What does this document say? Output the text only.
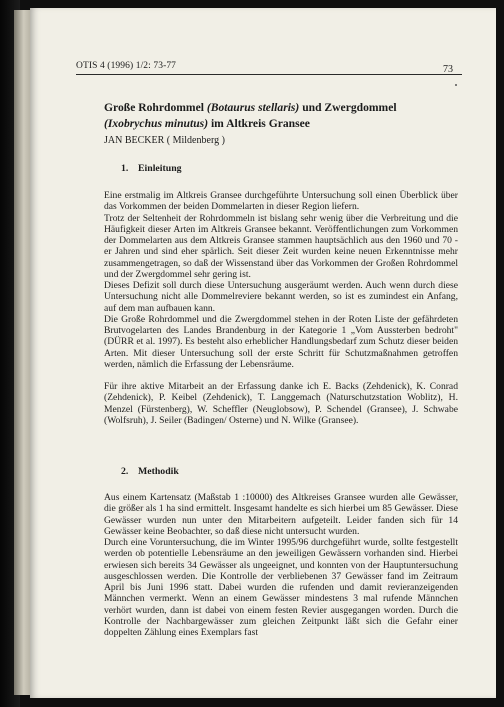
OTIS 4 (1996) 1/2: 73-77	73
Große Rohrdommel (Botaurus stellaris) und Zwergdommel (Ixobrychus minutus) im Altkreis Gransee
JAN BECKER ( Mildenberg )
1. Einleitung

Eine erstmalig im Altkreis Gransee durchgeführte Untersuchung soll einen Überblick über das Vorkommen der beiden Dommelarten in dieser Region liefern.

Trotz der Seltenheit der Rohrdommeln ist bislang sehr wenig über die Verbreitung und die Häufigkeit dieser Arten im Altkreis Gransee bekannt. Veröffentlichungen zum Vorkommen der Dommelarten aus dem Altkreis Gransee stammen hauptsächlich aus den 1960 und 70 -er Jahren und sind eher spärlich. Seit dieser Zeit wurden keine neuen Erkenntnisse mehr zusammengetragen, so daß der Wissenstand über das Vorkommen der Großen Rohrdommel und der Zwergdommel sehr gering ist.

Dieses Defizit soll durch diese Untersuchung ausgeräumt werden. Auch wenn durch diese Untersuchung nicht alle Dommelreviere bekannt werden, so ist es zumindest ein Anfang, auf dem man aufbauen kann.

Die Große Rohrdommel und die Zwergdommel stehen in der Roten Liste der gefährdeten Brutvogelarten des Landes Brandenburg in der Kategorie 1 „Vom Aussterben bedroht" (DÜRR et al. 1997). Es besteht also erheblicher Handlungsbedarf zum Schutz dieser beiden Arten. Mit dieser Untersuchung soll der erste Schritt für Schutzmaßnahmen getroffen werden, nämlich die Erfassung der Lebensräume.

Für ihre aktive Mitarbeit an der Erfassung danke ich E. Backs (Zehdenick), K. Conrad (Zehdenick), P. Keibel (Zehdenick), T. Langgemach (Naturschutzstation Woblitz), H. Menzel (Fürstenberg), W. Scheffler (Neuglobsow), P. Schendel (Gransee), J. Schwabe (Wolfsruh), J. Seiler (Badingen/ Osterne) und N. Wilke (Gransee).

2. Methodik

Aus einem Kartensatz (Maßstab 1 :10000) des Altkreises Gransee wurden alle Gewässer, die größer als 1 ha sind ermittelt. Insgesamt handelte es sich hierbei um 85 Gewässer. Diese Gewässer wurden nun unter den Mitarbeitern aufgeteilt. Leider fanden sich für 14 Gewässer keine Beobachter, so daß diese nicht untersucht wurden.

Durch eine Voruntersuchung, die im Winter 1995/96 durchgeführt wurde, sollte festgestellt werden ob potentielle Lebensräume an den jeweiligen Gewässern vorhanden sind. Hierbei erwiesen sich bereits 34 Gewässer als ungeeignet, und konnten von der Hauptuntersuchung ausgeschlossen werden. Die Kontrolle der verbliebenen 37 Gewässer fand im Zeitraum April bis Juni 1996 statt. Dabei wurden die rufenden und damit revieranzeigenden Männchen vermerkt. Wenn an einem Gewässer mindestens 3 mal rufende Männchen verhört wurden, dann ist dabei von einem festen Revier ausgegangen worden. Durch die Kontrolle der Nachbargewässer zum gleichen Zeitpunkt läßt sich die Gefahr einer doppelten Zählung eines Exemplars fast
